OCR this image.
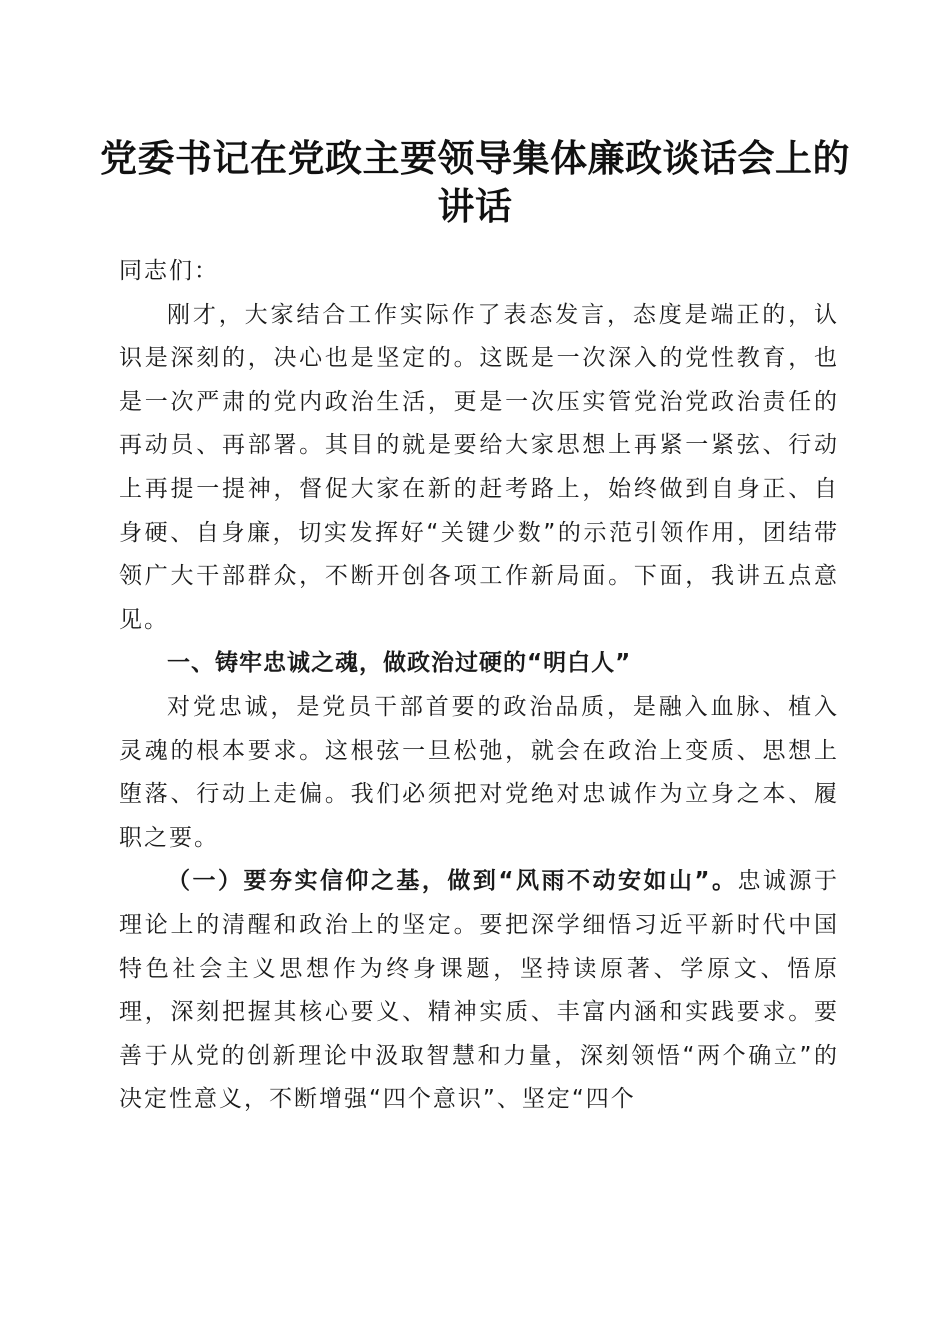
党委书记在党政主要领导集体廉政谈话会上的讲话

同志们：

刚才，大家结合工作实际作了表态发言，态度是端正的，认识是深刻的，决心也是坚定的。这既是一次深入的党性教育，也是一次严肃的党内政治生活，更是一次压实管党治党政治责任的再动员、再部署。其目的就是要给大家思想上再紧一紧弦、行动上再提一提神，督促大家在新的赶考路上，始终做到自身正、自身硬、自身廉，切实发挥好“关键少数”的示范引领作用，团结带领广大干部群众，不断开创各项工作新局面。下面，我讲五点意见。

一、铸牢忠诚之魂，做政治过硬的“明白人”

对党忠诚，是党员干部首要的政治品质，是融入血脉、植入灵魂的根本要求。这根弦一旦松弛，就会在政治上变质、思想上堕落、行动上走偏。我们必须把对党绝对忠诚作为立身之本、履职之要。

（一）要夯实信仰之基，做到“风雨不动安如山”。忠诚源于理论上的清醒和政治上的坚定。要把深学细悟习近平新时代中国特色社会主义思想作为终身课题，坚持读原著、学原文、悟原理，深刻把握其核心要义、精神实质、丰富内涵和实践要求。要善于从党的创新理论中汲取智慧和力量，深刻领悟“两个确立”的决定性意义，不断增强“四个意识”、坚定“四个
